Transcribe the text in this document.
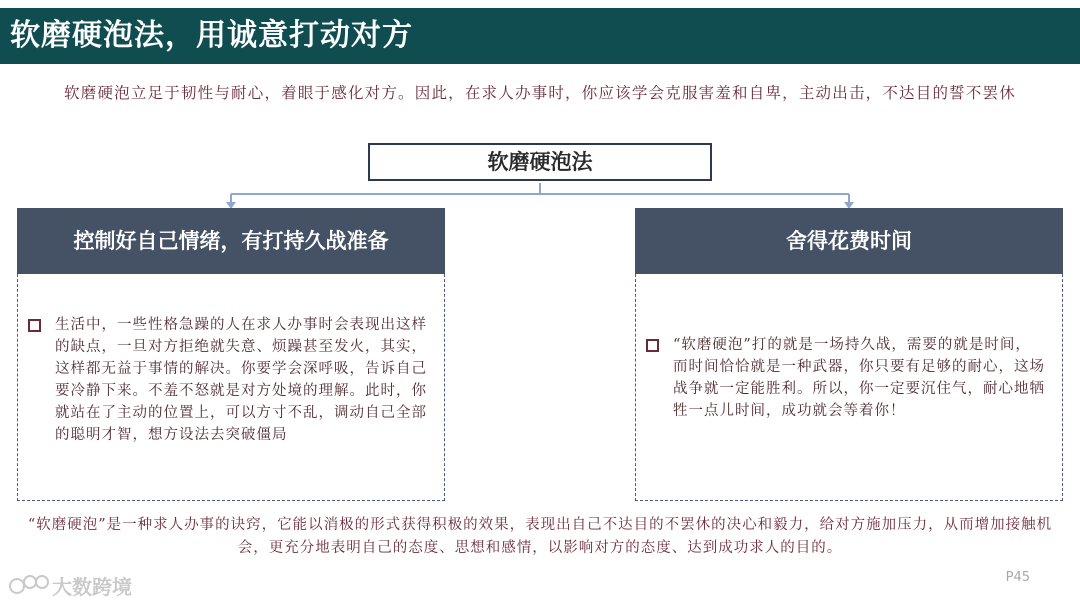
软磨硬泡法，用诚意打动对方
软磨硬泡立足于韧性与耐心，着眼于感化对方。因此，在求人办事时，你应该学会克服害羞和自卑，主动出击，不达目的誓不罢休
软磨硬泡法
控制好自己情绪，有打持久战准备
生活中，一些性格急躁的人在求人办事时会表现出这样的缺点，一旦对方拒绝就失意、烦躁甚至发火，其实，这样都无益于事情的解决。你要学会深呼吸，告诉自己要冷静下来。不羞不怒就是对方处境的理解。此时，你就站在了主动的位置上，可以方寸不乱，调动自己全部的聪明才智，想方设法去突破僵局
舍得花费时间
“软磨硬泡”打的就是一场持久战，需要的就是时间，而时间恰恰就是一种武器，你只要有足够的耐心，这场战争就一定能胜利。所以，你一定要沉住气，耐心地牺牲一点儿时间，成功就会等着你！
“软磨硬泡”是一种求人办事的诀窍，它能以消极的形式获得积极的效果，表现出自己不达目的不罢休的决心和毅力，给对方施加压力，从而增加接触机会，更充分地表明自己的态度、思想和感情，以影响对方的态度、达到成功求人的目的。
大数跨境	P45
